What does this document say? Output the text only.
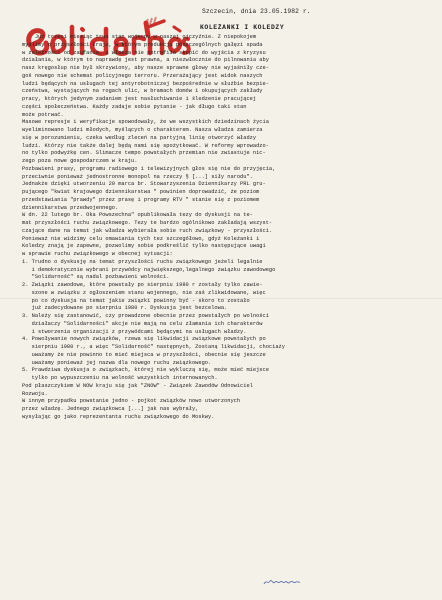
Szczecin, dnia 23.05.1982 r.
KOLEŻANKI I KOLEDZY
Już trzeci miesiąc trwa stan wojenny w naszej ojczyźnie. Z niepokojem
myślimy o przyszłości kraju, w którym produkcja poszczególnych gałęzi spada
w zależności od zaufania, a władza nie potrafiła skupić do wyjścia z kryzysu
działania, w którym to naprawdę jest prawna, a niezwłocznie do pilnowania aby
nasz kręgosłup nie był skrzywiony, aby nasze sprawne głowy nie wyjaśniły cze-
goś nowego nie schemat policyjnego terroru. Przerażający jest widok naszych
ludzi będących na usługach tej antyrobotniczej bezpośrednie w służbie bezpie-
czeństwa, wystających na rogach ulic, w bramach domów i okupujących zakłady
pracy, których jedynym zadaniem jest nasłuchiwanie i śledzenie pracującej
części społeczeństwa. Każdy zadaje sobie pytanie - jak długo taki stan
może potrwać.
Masowe represje i weryfikacje spowodowały, że we wszystkich dziedzinach życia
wyeliminowano ludzi młodych, myślących o charakterem. Nasza władza zamierza
się w porozumieniu, czeka według zleceń na partyjną linię otworzyć władzy
ludzi. Którzy nie także dalej będą nami się spożytkować. W reformy wprowadzo-
no tylko podwyżkę cen. Slimacze tempo powstałych przemian nie zwiastuje nic-
zego poza nowe gospodarczem w kraju.
Pozbawieni prasy, programu radiowego i telewizyjnych głos się nie do przyjęcia,
przeciwnie ponieważ jednostronne monopol na rzeczy § [...] siły narodu".
Jednakże dzięki utworzeniu 20 marca br. Stowarzyszenia Dziennikarzy PRL gru-
pującego "kwiat krajowego dziennikarstwa " powinien doprowadzić, że poziom
przedstawiania "prawdy" przez prasę i programy RTV " stanie się z poziomem
dziennikarstwa przedwojennego.
W dn. 22 lutego br. Oka Powszechna" opublikowała tezy do dyskusji na te-
mat przyszłości ruchu związkowego. Tezy te bardzo ogólnikowo zakładają wszyst-
czające dane na temat jak władza wybierała sobie ruch związkowy - przyszłości.
Ponieważ nie widzimy celu omawiania tych tez szczegółowo, gdyż Koleżanki i
Koledzy znają je zapewne, pozwolimy sobie podkreślić tylko następujące uwagi
w sprawie ruchu związkowego w obecnej sytuacji:
1. Trudno o dyskusję na temat przyszłości ruchu związkowego jeżeli legalnie
i demokratycznie wybrani przywódcy największego,legalnego związku zawodowego
"Solidarność" są nadal pozbawieni wolności.
2. Związki zawodowe, które powstały po sierpniu 1980 r zostały tylko zawie-
szone w związku z ogłoszeniem stanu wojennego, nie zaś zlikwidowane, więc
po co dyskusja na temat jakie związki powinny być - skoro to zostało
już zadecydowane po sierpniu 1980 r. Dyskusja jest bezcelowa.
3. Należy się zastanowić, czy prowadzone obecnie przez powstałych po wolności
działaczy "Solidarności" akcje nie mają na celu złamania ich charakterów
i stworzenia organizacji z przywódcami będącymi na usługach władzy.
4. Powoływanie nowych związków, rzewa się likwidacji związkowe powstałych po
sierpniu 1980 r., a więc "Solidarność" następnych, Zostaną likwidacji, chociaży
uważamy że nie powinno to mieć miejsca w przyszłości, obecnie się jeszcze
uważamy ponieważ jej nazwa dla nowego ruchu związkowego.
5. Prawdziwa dyskusja o związkach, której nie wykluczą się, może mieć miejsce
tylko po wypuszczeniu na wolność wszystkich internowanych.
Pod płaszczykiem W NOW kraju się jak "ZNOW" - Związek Zawodów Odnowiciel
Rozwoju.
W innym przypadku powstanie jedno - pojkot związków nowo utworzonych
przez władzę. Jednego związkowca [...] jak nas wybrały,
wysyłając go jako reprezentanta ruchu związkowego do Moskwy.
